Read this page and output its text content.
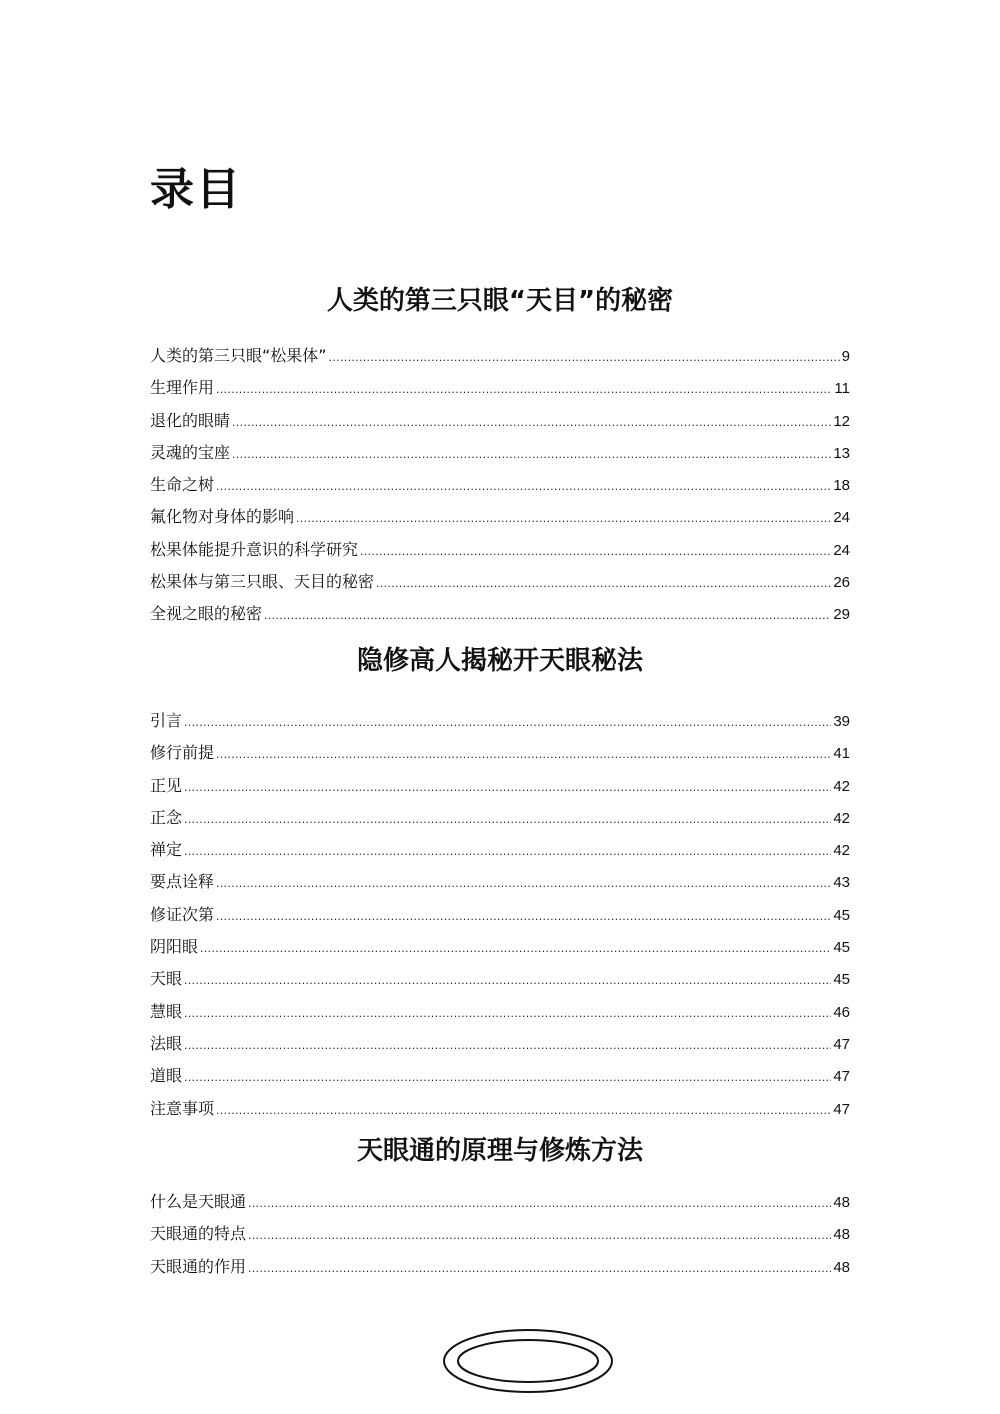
录目
人类的第三只眼“天目”的秘密
人类的第三只眼“松果体” .....	9
生理作用 .....	11
退化的眼睛 .....	12
灵魂的宝座 .....	13
生命之树 .....	18
氟化物对身体的影响 .....	24
松果体能提升意识的科学研究 .....	24
松果体与第三只眼、天目的秘密 .....	26
全视之眼的秘密 .....	29
隐修高人揭秘开天眼秘法
引言 .....	39
修行前提 .....	41
正见 .....	42
正念 .....	42
禅定 .....	42
要点诠释 .....	43
修证次第 .....	45
阴阳眼 .....	45
天眼 .....	45
慧眼 .....	46
法眼 .....	47
道眼 .....	47
注意事项 .....	47
天眼通的原理与修炼方法
什么是天眼通 .....	48
天眼通的特点 .....	48
天眼通的作用 .....	48
